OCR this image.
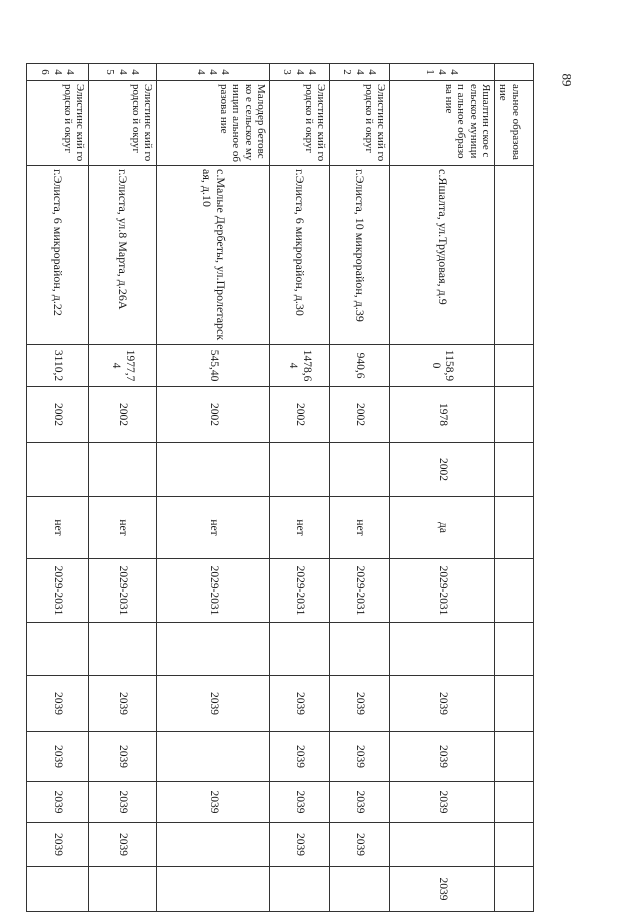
89
	альное образова ние												

4
4
1	Яшалтин ское сельское муницип альное образова ние	с.Яшалта, ул.Трудовая, д.9	1158,90	1978	2002	да	2029-2031		2039	2039	2039		2039

4
4
2	Элистинс кий городско й округ	г.Элиста, 10 микрорайон, д.39	940,6	2002		нет	2029-2031		2039	2039	2039	2039	

4
4
3	Элистинс кий городско й округ	г.Элиста, 6 микрорайон, д.30	1478,64	2002		нет	2029-2031		2039	2039	2039	2039	

4
4
4	Малодер бетовско е сельское муницип альное образова ние	с.Малые Дербеты, ул.Пролетарская, д.10	545,40	2002		нет	2029-2031		2039		2039		

4
4
5	Элистинс кий городско й округ	г.Элиста, ул.8 Марта, д.26А	1977,74	2002		нет	2029-2031		2039	2039	2039	2039	

4
4
6	Элистинс кий городско й округ	г.Элиста, 6 микрорайон, д.22	3110,2	2002		нет	2029-2031		2039	2039	2039	2039	
